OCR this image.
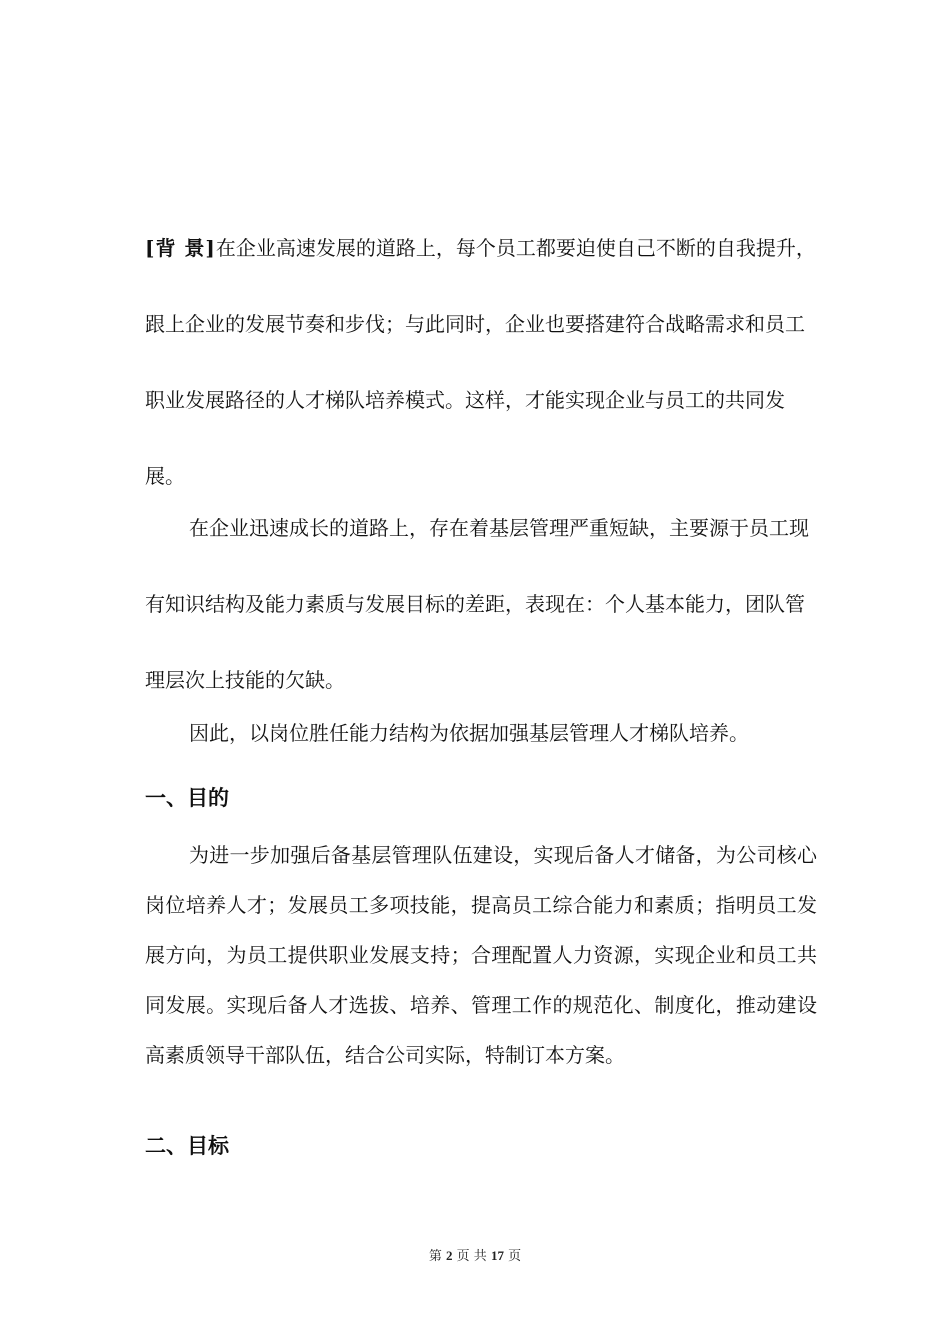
[背 景]在企业高速发展的道路上，每个员工都要迫使自己不断的自我提升，跟上企业的发展节奏和步伐；与此同时，企业也要搭建符合战略需求和员工职业发展路径的人才梯队培养模式。这样，才能实现企业与员工的共同发展。
在企业迅速成长的道路上，存在着基层管理严重短缺，主要源于员工现有知识结构及能力素质与发展目标的差距，表现在：个人基本能力，团队管理层次上技能的欠缺。
因此，以岗位胜任能力结构为依据加强基层管理人才梯队培养。
一、目的
为进一步加强后备基层管理队伍建设，实现后备人才储备，为公司核心岗位培养人才；发展员工多项技能，提高员工综合能力和素质；指明员工发展方向，为员工提供职业发展支持；合理配置人力资源，实现企业和员工共同发展。实现后备人才选拔、培养、管理工作的规范化、制度化，推动建设高素质领导干部队伍，结合公司实际，特制订本方案。
二、目标
第 2 页 共 17 页
